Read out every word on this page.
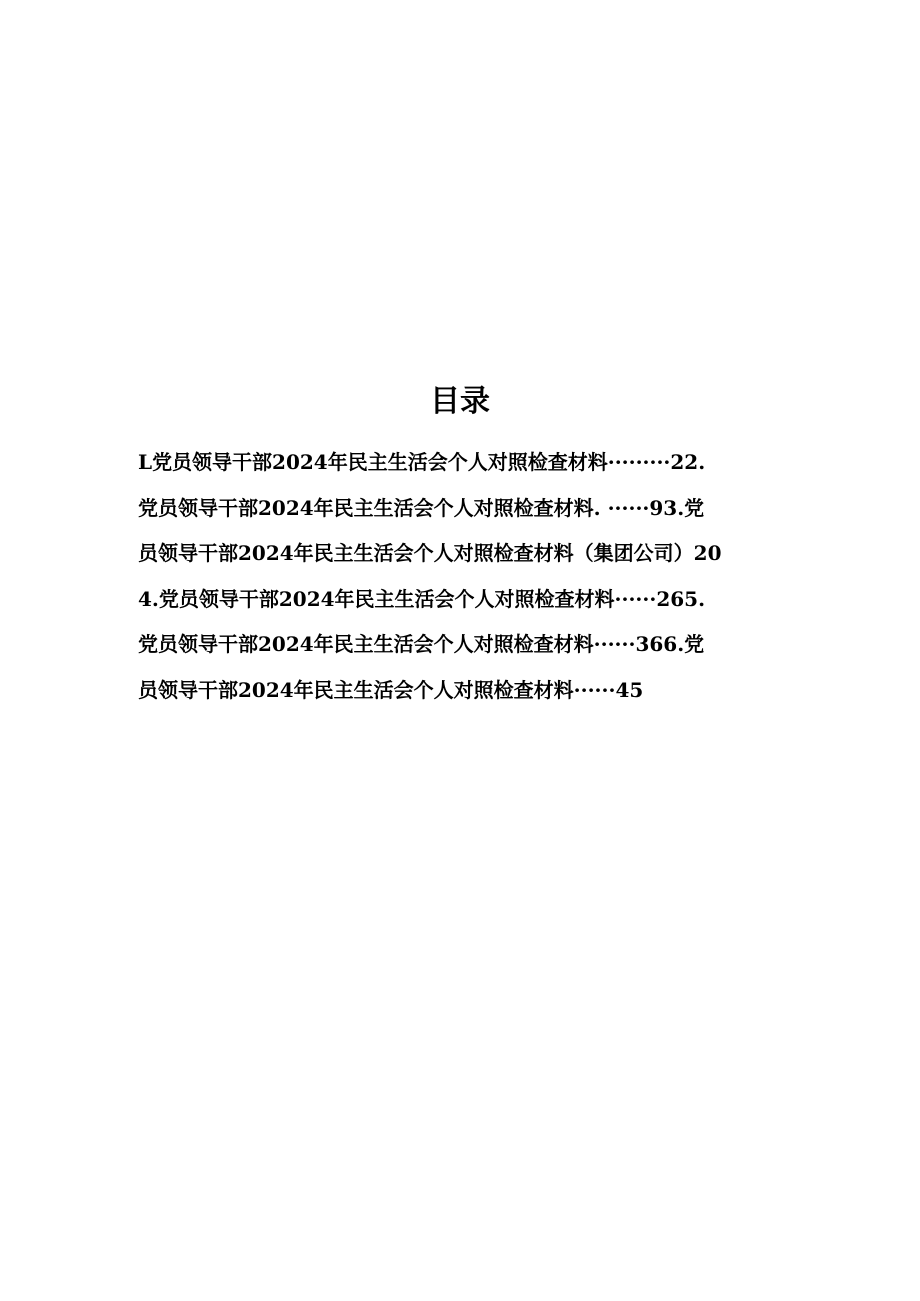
目录
L党员领导干部2024年民主生活会个人对照检查材料·········22.
党员领导干部2024年民主生活会个人对照检查材料. ······93.党
员领导干部2024年民主生活会个人对照检查材料（集团公司）20
4.党员领导干部2024年民主生活会个人对照检查材料······265.
党员领导干部2024年民主生活会个人对照检查材料······366.党
员领导干部2024年民主生活会个人对照检查材料······45
